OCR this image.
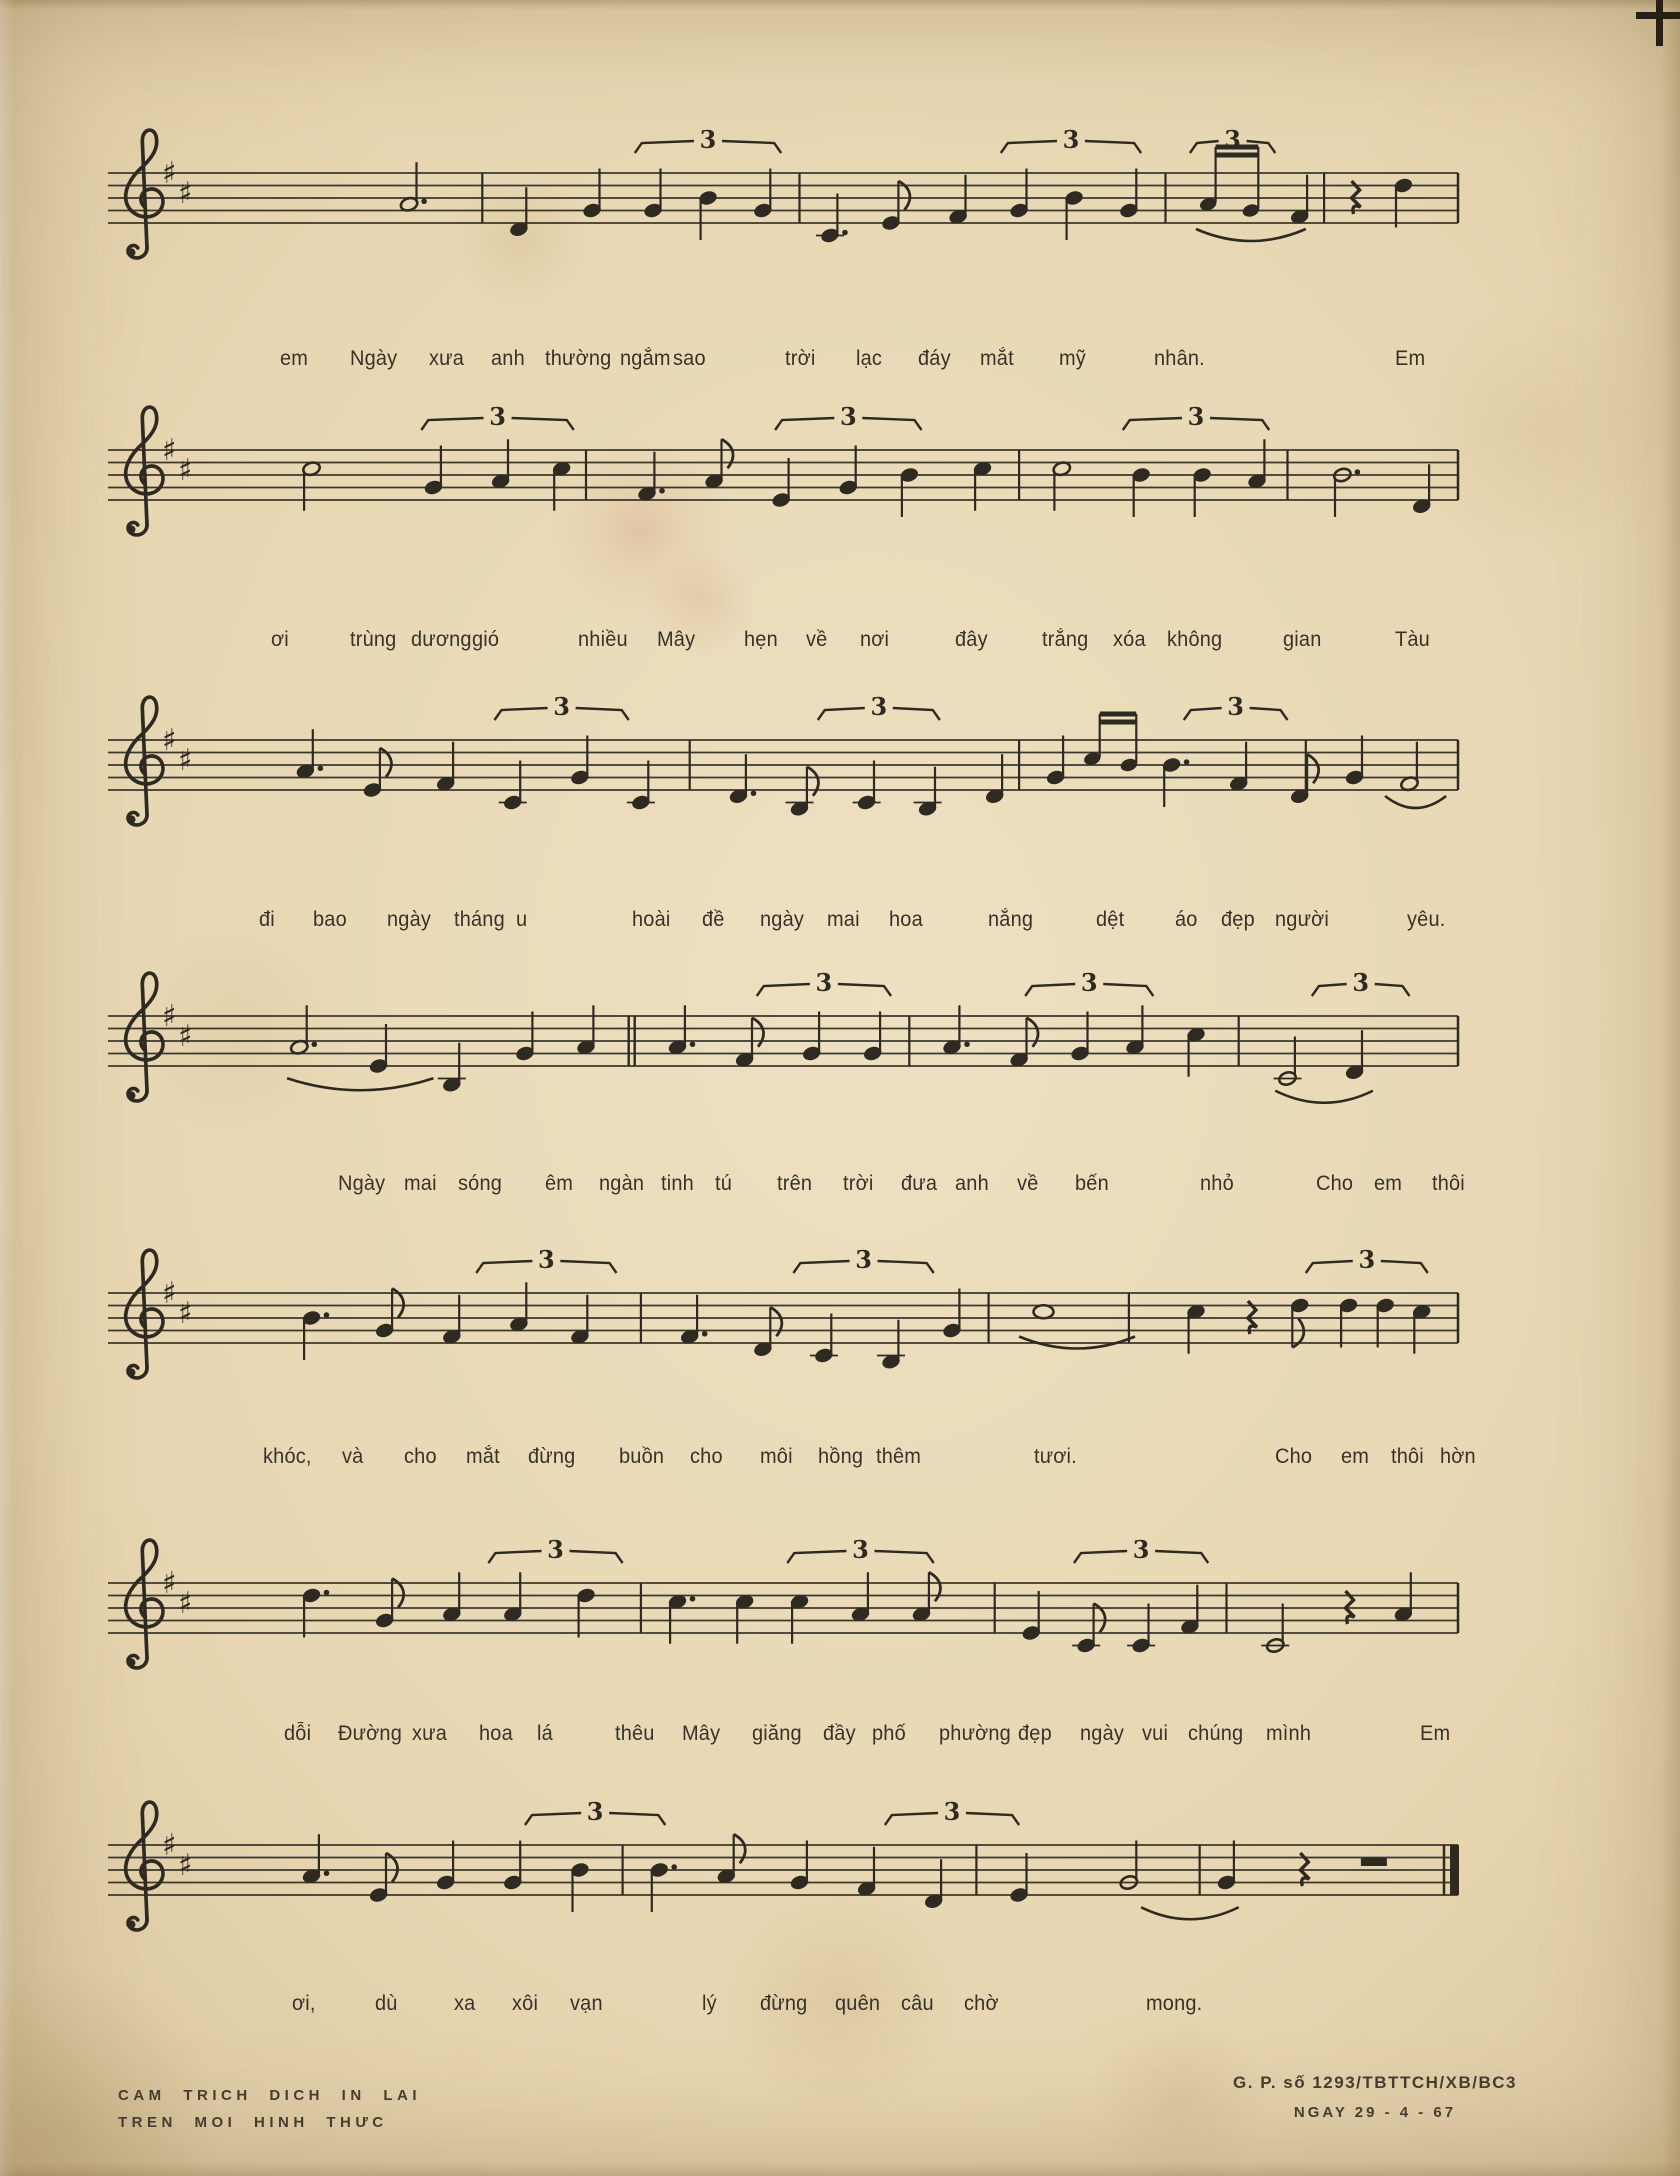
♯
♯
3	3	3
♯
♯
3	3	3
♯
♯
3	3	3
♯
♯
3	3	3
♯
♯
3	3	3
♯
♯
3	3	3
♯
♯
3	3
em Ngày xưa anh thường ngắm sao	trời lạc đáy mắt mỹ	nhân.	Em
ơi	trùng dương gió	nhiều Mây hẹn về nơi	đây	trắng xóa không	gian	Tàu
đi bao ngày tháng u	hoài đề ngày mai hoa	nắng	dệt áo đẹp người	yêu.
Ngày mai sóng êm ngàn tinh tú trên trời đưa anh về bến	nhỏ	Cho em thôi
khóc, và cho mắt đừng buồn cho môi hồng thêm	tươi.	Cho em thôi hờn
dỗi Đường xưa hoa lá	thêu Mây giăng đầy phố phường đẹp ngày vui chúng mình	Em
ơi,	dù	xa xôi vạn	lý đừng quên câu chờ	mong.
CAM TRICH DICH IN LAI
TREN MOI HINH THƯC
G. P. số 1293/TBTTCH/XB/BC3
NGAY 29 - 4 - 67
